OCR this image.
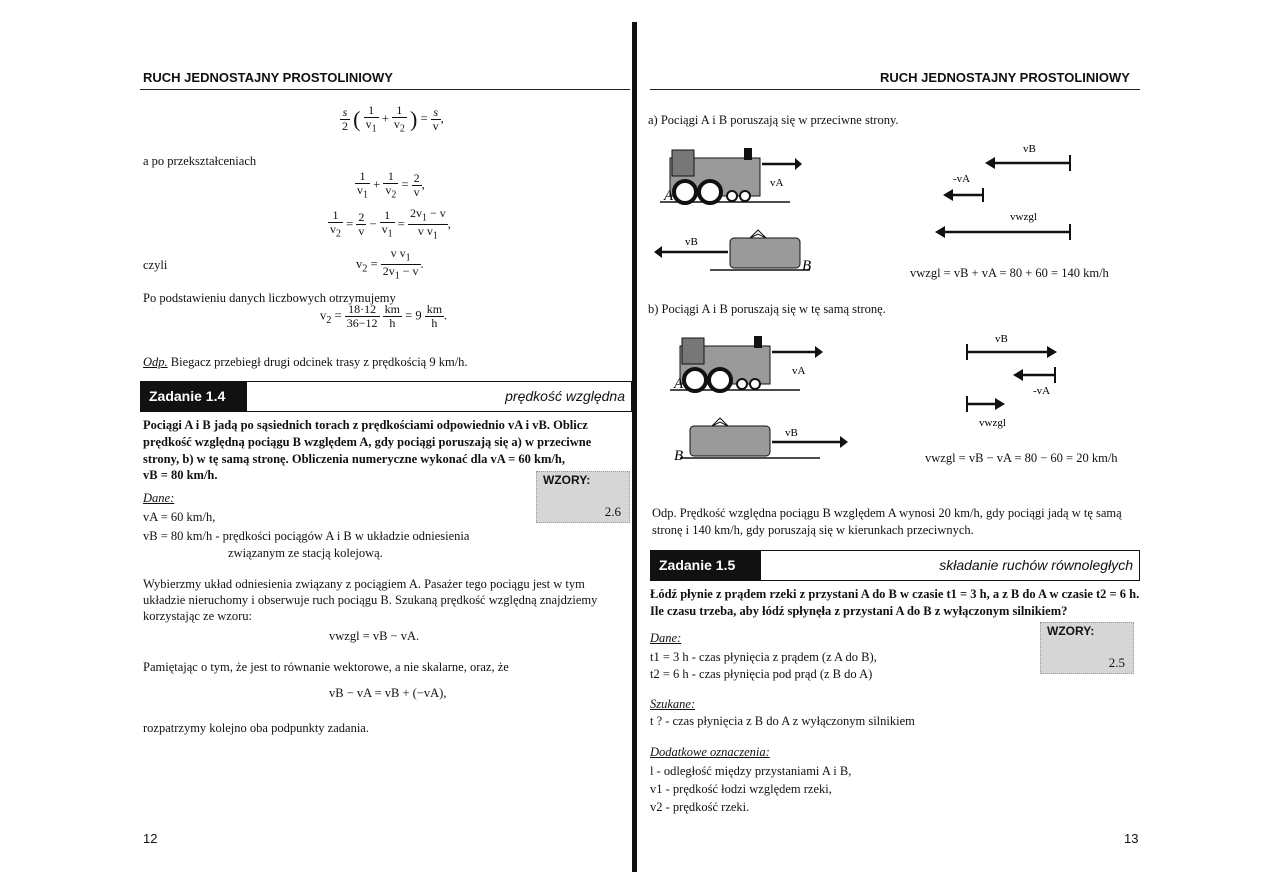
RUCH JEDNOSTAJNY PROSTOLINIOWY
$\frac{s}{2}$ ( $\frac{1}{v_1} + \frac{1}{v_2}$ ) = $\frac{s}{v}$ ,
a po przekształceniach
$\frac{1}{v_1} + \frac{1}{v_2} = \frac{2}{v}$ ,
$\frac{1}{v_2} = \frac{2}{v} - \frac{1}{v_1} = \frac{2v_1 - v}{v v_1}$ ,
czyli	$v_2 = \frac{v v_1}{2v_1 - v}$ .
Po podstawieniu danych liczbowych otrzymujemy
$v_2 = \frac{18\cdot 12}{36-12}$
$\frac{km}{h} = 9 \frac{km}{h}$ .
Odp. Biegacz przebiegł drugi odcinek trasy z prędkością 9 km/h.
Zadanie 1.4	prędkość względna
Pociągi A i B jadą po sąsiednich torach z prędkościami odpowiednio vA i vB. Oblicz
prędkość względną pociągu B względem A, gdy pociągi poruszają się a) w przeciwne
strony, b) w tę samą stronę. Obliczenia numeryczne wykonać dla vA = 60 km/h,
vB = 80 km/h.	WZORY:
2.6
Dane:
vA = 60 km/h,
vB = 80 km/h - prędkości pociągów A i B w układzie odniesienia
związanym ze stacją kolejową.
Wybierzmy układ odniesienia związany z pociągiem A. Pasażer tego pociągu jest w tym
układzie nieruchomy i obserwuje ruch pociągu B. Szukaną prędkość względną znajdziemy
korzystając ze wzoru:
vwzgl = vB − vA.
Pamiętając o tym, że jest to równanie wektorowe, a nie skalarne, oraz, że
vB − vA = vB + (−vA),
rozpatrzymy kolejno oba podpunkty zadania.
12
RUCH JEDNOSTAJNY PROSTOLINIOWY
a) Pociągi A i B poruszają się w przeciwne strony.
A
vA
vB
B
vB
-vA
vwzgl
vwzgl = vB + vA = 80 + 60 = 140 km/h
b) Pociągi A i B poruszają się w tę samą stronę.
A
vA
vB
B
vB
-vA
vwzgl
vwzgl = vB − vA = 80 − 60 = 20 km/h
Odp. Prędkość względna pociągu B względem A wynosi 20 km/h, gdy pociągi jadą w tę samą
stronę i 140 km/h, gdy poruszają się w kierunkach przeciwnych.
Zadanie 1.5	składanie ruchów równoległych
Łódź płynie z prądem rzeki z przystani A do B w czasie t1 = 3 h, a z B do A w czasie t2 = 6 h.
Ile czasu trzeba, aby łódź spłynęła z przystani A do B z wyłączonym silnikiem?
WZORY:
2.5
Dane:
t1 = 3 h - czas płynięcia z prądem (z A do B),
t2 = 6 h - czas płynięcia pod prąd (z B do A)
Szukane:
t ? - czas płynięcia z B do A z wyłączonym silnikiem
Dodatkowe oznaczenia:
l - odległość między przystaniami A i B,
v1 - prędkość łodzi względem rzeki,
v2 - prędkość rzeki.
13
